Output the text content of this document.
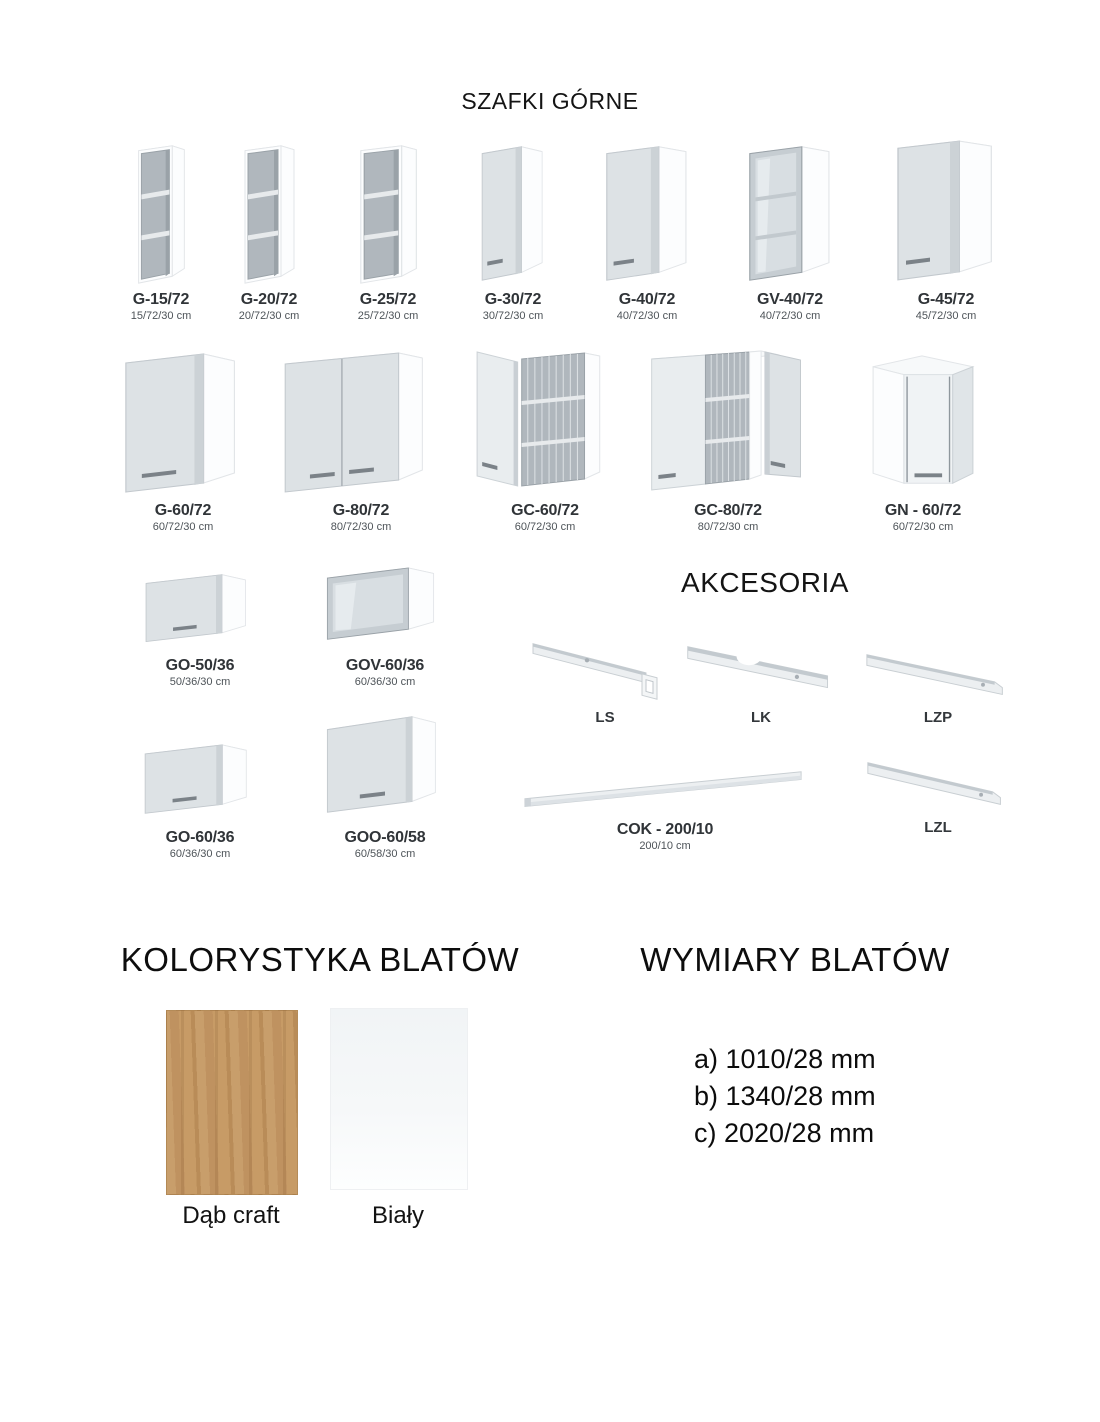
SZAFKI GÓRNE
G-15/72
15/72/30 cm
G-20/72
20/72/30 cm
G-25/72
25/72/30 cm
G-30/72
30/72/30 cm
G-40/72
40/72/30 cm
GV-40/72
40/72/30 cm
G-45/72
45/72/30 cm
G-60/72
60/72/30 cm
G-80/72
80/72/30 cm
GC-60/72
60/72/30 cm
GC-80/72
80/72/30 cm
GN - 60/72
60/72/30 cm
GO-50/36
50/36/30 cm
GOV-60/36
60/36/30 cm
AKCESORIA
LS	LK	LZP
GO-60/36
60/36/30 cm
GOO-60/58
60/58/30 cm
COK - 200/10
200/10 cm
LZL
KOLORYSTYKA BLATÓW
Dąb craft	Biały
WYMIARY BLATÓW
a) 1010/28 mm
b) 1340/28 mm
c) 2020/28 mm
